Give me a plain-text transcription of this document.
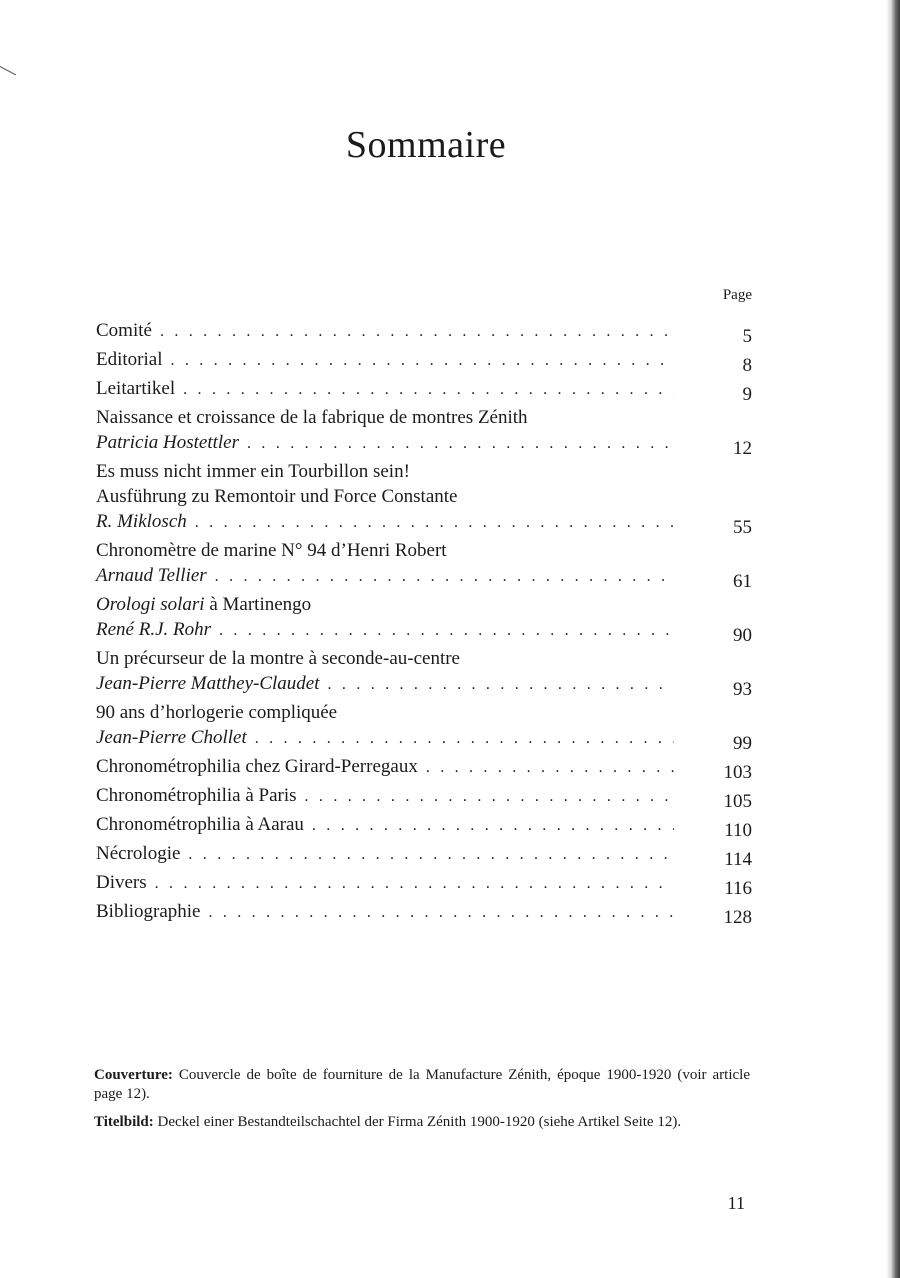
Sommaire
Page
Comité . . .	5
Editorial . . .	8
Leitartikel . . .	9
Naissance et croissance de la fabrique de montres Zénith
Patricia Hostettler . . .	12
Es muss nicht immer ein Tourbillon sein!
Ausführung zu Remontoir und Force Constante
R. Miklosch . . .	55
Chronomètre de marine N° 94 d’Henri Robert
Arnaud Tellier . . .	61
Orologi solari à Martinengo
René R.J. Rohr . . .	90
Un précurseur de la montre à seconde-au-centre
Jean-Pierre Matthey-Claudet . . .	93
90 ans d’horlogerie compliquée
Jean-Pierre Chollet . . .	99
Chronométrophilia chez Girard-Perregaux . . .	103
Chronométrophilia à Paris . . .	105
Chronométrophilia à Aarau . . .	110
Nécrologie . . .	114
Divers . . .	116
Bibliographie . . .	128

Couverture: Couvercle de boîte de fourniture de la Manufacture Zénith, époque 1900-1920 (voir article page 12).

Titelbild: Deckel einer Bestandteilschachtel der Firma Zénith 1900-1920 (siehe Artikel Seite 12).

11
